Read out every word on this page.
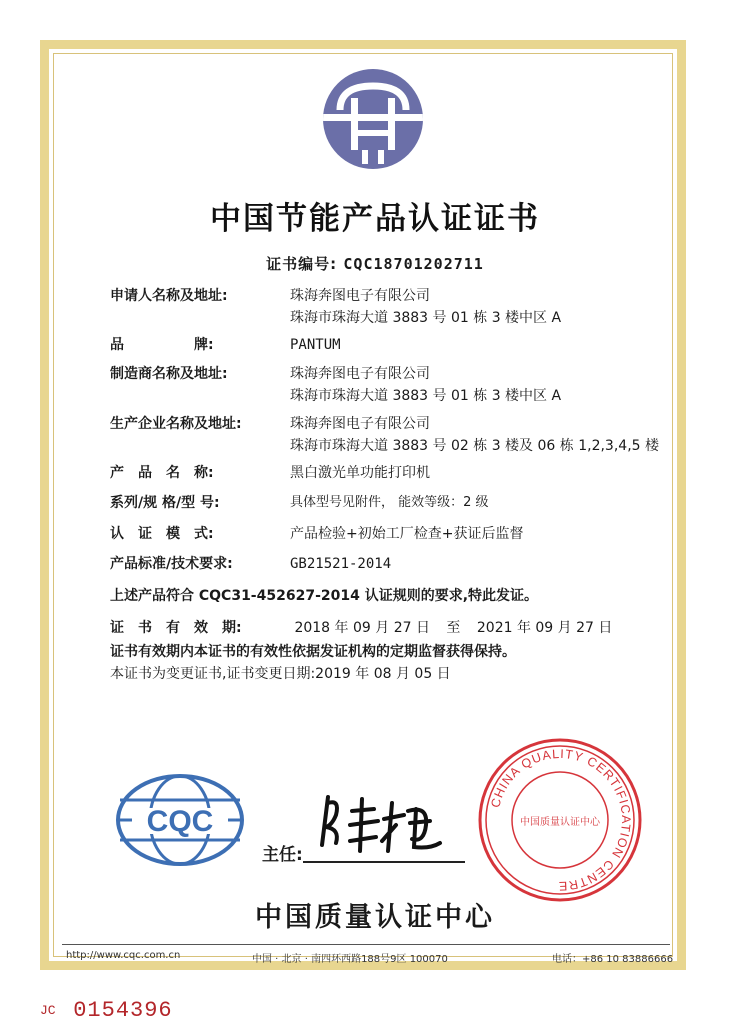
中国节能产品认证证书
证书编号: CQC18701202711
申请人名称及地址:	珠海奔图电子有限公司
珠海市珠海大道 3883 号 01 栋 3 楼中区 A
品　　　　　牌:	PANTUM
制造商名称及地址:	珠海奔图电子有限公司
珠海市珠海大道 3883 号 01 栋 3 楼中区 A
生产企业名称及地址:	珠海奔图电子有限公司
珠海市珠海大道 3883 号 02 栋 3 楼及 06 栋 1,2,3,4,5 楼
产　品　名　称:	黑白激光单功能打印机
系列/规 格/型 号:	具体型号见附件， 能效等级：2 级
认　证　模　式:	产品检验+初始工厂检查+获证后监督
产品标准/技术要求:	GB21521-2014
上述产品符合 CQC31-452627-2014 认证规则的要求,特此发证。
证　书　有　效　期:	2018 年 09 月 27 日 至 2021 年 09 月 27 日
证书有效期内本证书的有效性依据发证机构的定期监督获得保持。
本证书为变更证书,证书变更日期:2019 年 08 月 05 日
CQC
主任:
CHINA QUALITY CERTIFICATION CENTRE
中国质量认证中心
中国质量认证中心
http://www.cqc.com.cn	中国 · 北京 · 南四环西路188号9区 100070	电话：+86 10 83886666
JC 0154396
